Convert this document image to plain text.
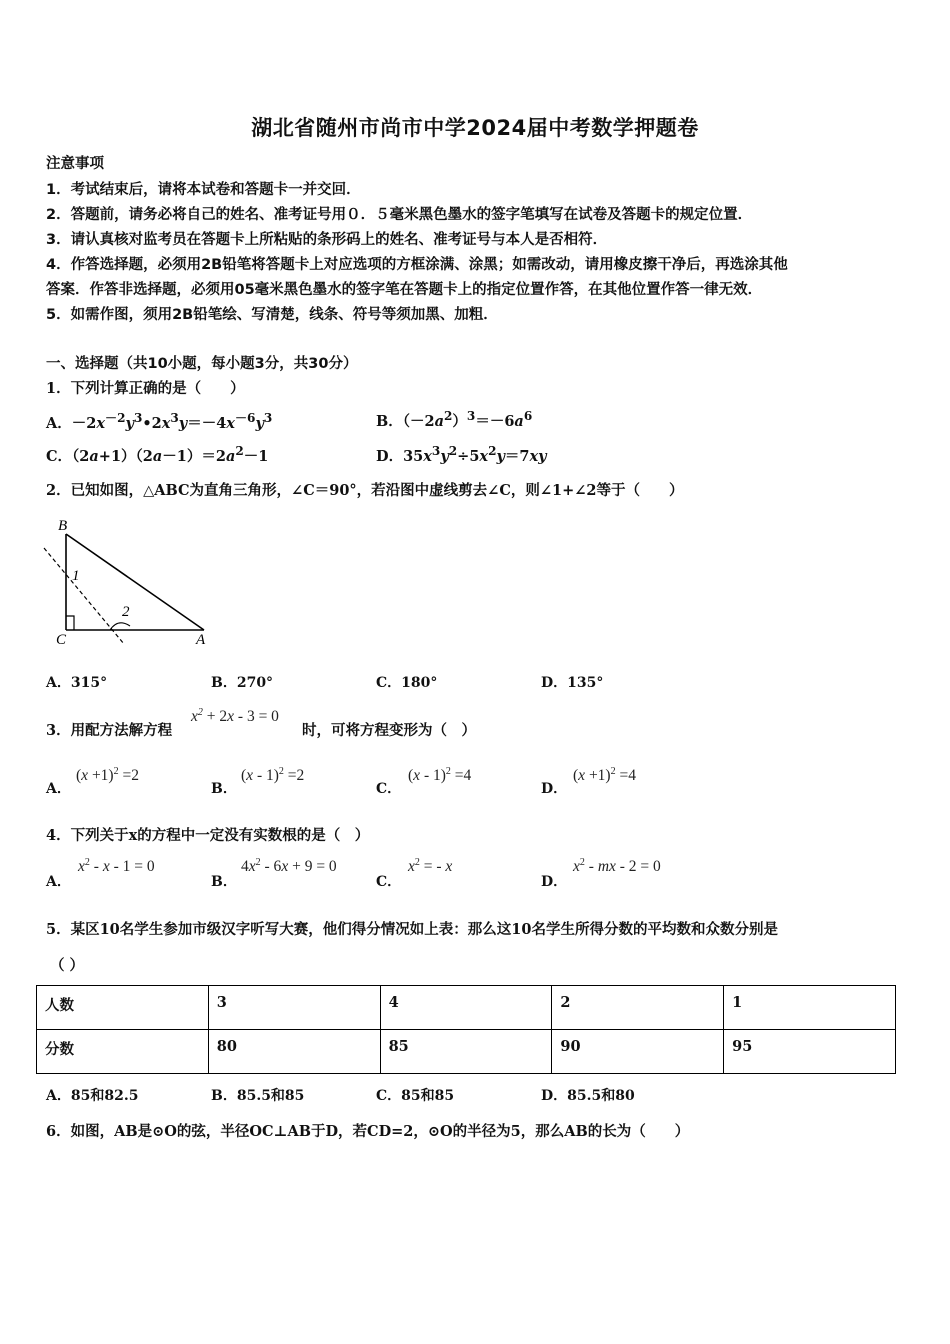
湖北省随州市尚市中学2024届中考数学押题卷
注意事项
1．考试结束后，请将本试卷和答题卡一并交回．
2．答题前，请务必将自己的姓名、准考证号用０．５毫米黑色墨水的签字笔填写在试卷及答题卡的规定位置．
3．请认真核对监考员在答题卡上所粘贴的条形码上的姓名、准考证号与本人是否相符．
4．作答选择题，必须用2B铅笔将答题卡上对应选项的方框涂满、涂黑；如需改动，请用橡皮擦干净后，再选涂其他
答案．作答非选择题，必须用05毫米黑色墨水的签字笔在答题卡上的指定位置作答，在其他位置作答一律无效．
5．如需作图，须用2B铅笔绘、写清楚，线条、符号等须加黑、加粗．
一、选择题（共10小题，每小题3分，共30分）
1．下列计算正确的是（　　）
A．$-2x^{-2}y^3•2x^3y=-4x^{-6}y^3$	B．$(-2a^2)^3=-6a^6$
C．$(2a+1)(2a-1)=2a^2-1$	D．$35x^3y^2\div 5x^2y=7xy$
2．已知如图，△ABC为直角三角形，∠C＝90°，若沿图中虚线剪去∠C，则∠1+∠2等于（　　）
B
C	A
1
2
A．315°	B．270°	C．180°	D．135°
3．用配方法解方程
$x^2 + 2x - 3 = 0$
时，可将方程变形为（　）
A．
$(x +1)^2 =2$
B．
(x - 1)$^2$ =2
C．
(x - 1)$^2$ =4
D．
$(x +1)^2 =4$
4．下列关于x的方程中一定没有实数根的是（　）
A．
$x^2 - x - 1 = 0$
B．
$4x^2 - 6x + 9 = 0$
C．
$x^2$ = - x
D．
$x^2$ - mx - 2 = 0
5．某区10名学生参加市级汉字听写大赛，他们得分情况如上表：那么这10名学生所得分数的平均数和众数分别是
（ ）
人数	3	4	2	1
分数	80	85	90	95
A．85和82.5	B．85.5和85	C．85和85	D．85.5和80
6．如图，AB是⊙O的弦，半径OC⊥AB于D，若CD=2，⊙O的半径为5，那么AB的长为（　　）
